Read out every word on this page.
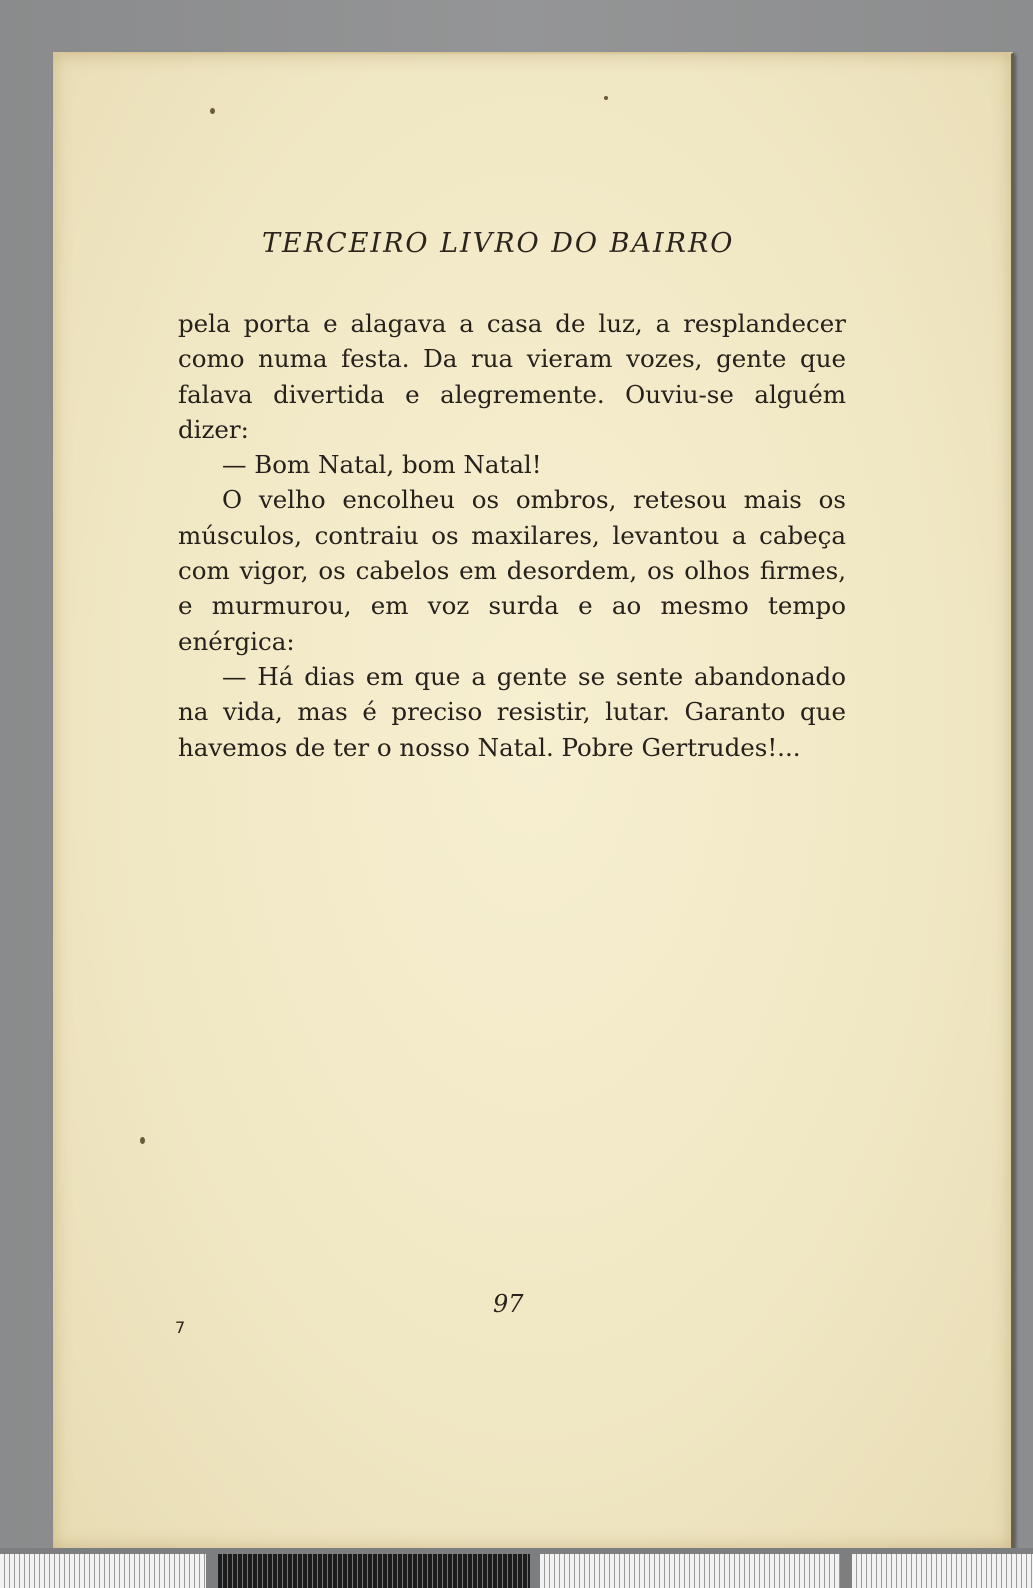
TERCEIRO LIVRO DO BAIRRO

pela porta e alagava a casa de luz, a resplandecer como numa festa. Da rua vieram vozes, gente que falava divertida e alegremente. Ouviu-se alguém dizer:

— Bom Natal, bom Natal!

O velho encolheu os ombros, retesou mais os músculos, contraiu os maxilares, levantou a cabeça com vigor, os cabelos em desordem, os olhos firmes, e murmurou, em voz surda e ao mesmo tempo enérgica:

— Há dias em que a gente se sente abandonado na vida, mas é preciso resistir, lutar. Garanto que havemos de ter o nosso Natal. Pobre Gertrudes!...

97
7
